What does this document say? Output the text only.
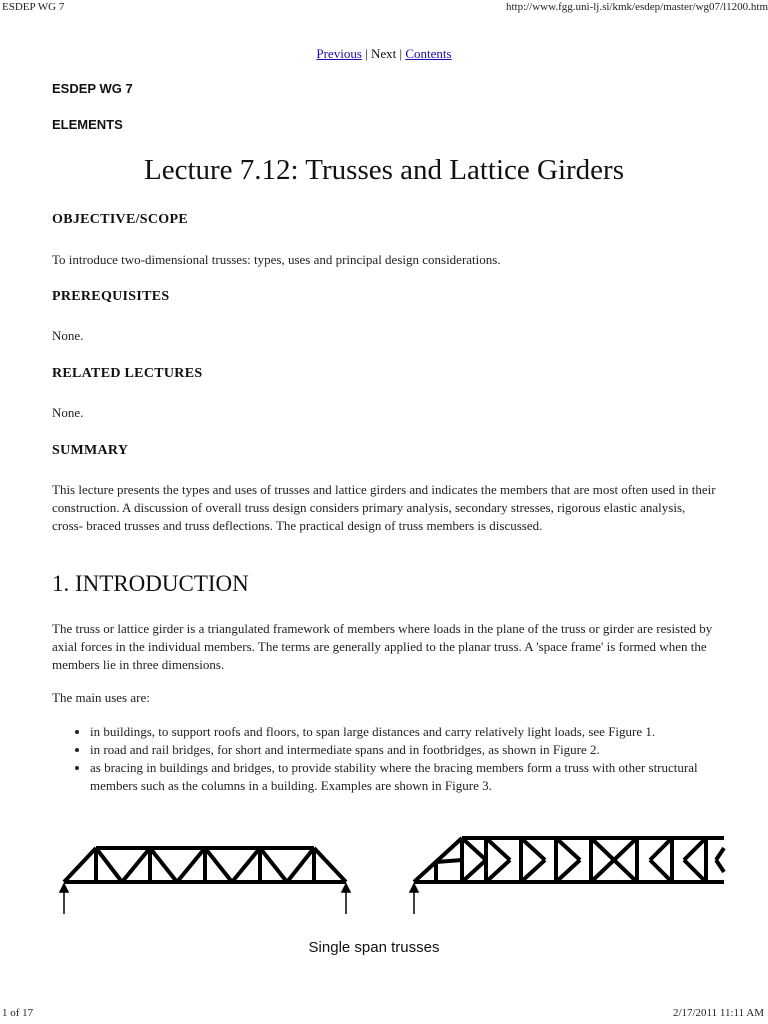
ESDEP WG 7	http://www.fgg.uni-lj.si/kmk/esdep/master/wg07/l1200.htm
Previous | Next | Contents
ESDEP WG 7
ELEMENTS
Lecture 7.12: Trusses and Lattice Girders
OBJECTIVE/SCOPE
To introduce two-dimensional trusses: types, uses and principal design considerations.
PREREQUISITES
None.
RELATED LECTURES
None.
SUMMARY
This lecture presents the types and uses of trusses and lattice girders and indicates the members that are most often used in their construction. A discussion of overall truss design considers primary analysis, secondary stresses, rigorous elastic analysis, cross- braced trusses and truss deflections. The practical design of truss members is discussed.
1. INTRODUCTION
The truss or lattice girder is a triangulated framework of members where loads in the plane of the truss or girder are resisted by axial forces in the individual members. The terms are generally applied to the planar truss. A 'space frame' is formed when the members lie in three dimensions.
The main uses are:
• in buildings, to support roofs and floors, to span large distances and carry relatively light loads, see Figure 1.
• in road and rail bridges, for short and intermediate spans and in footbridges, as shown in Figure 2.
• as bracing in buildings and bridges, to provide stability where the bracing members form a truss with other structural members such as the columns in a building. Examples are shown in Figure 3.
Single span trusses
1 of 17	2/17/2011 11:11 AM
